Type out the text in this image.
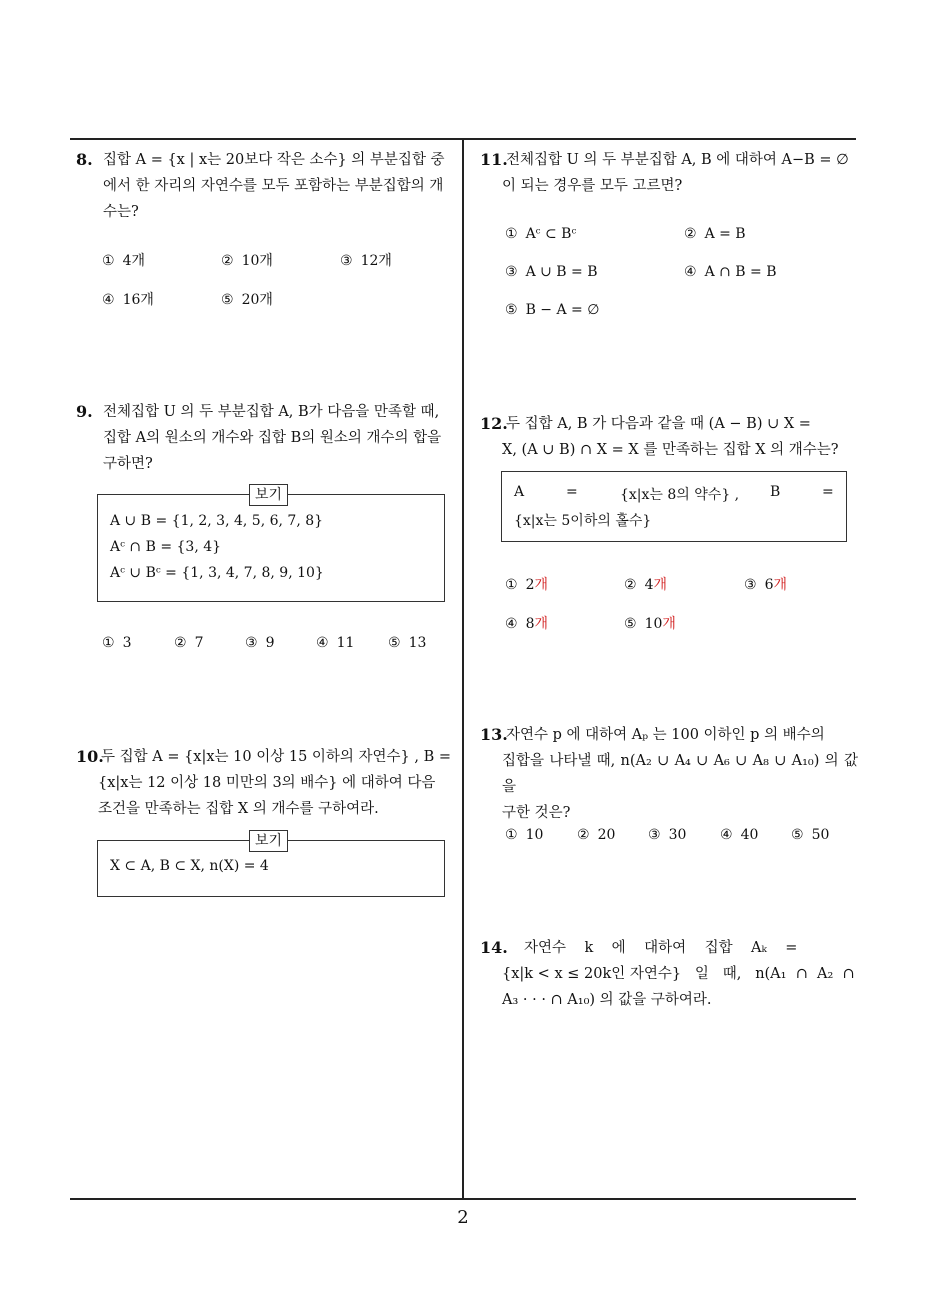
8. 집합 A = {x | x는 20보다 작은 소수} 의 부분집합 중
에서 한 자리의 자연수를 모두 포함하는 부분집합의 개
수는?
① 4개	② 10개	③ 12개
④ 16개	⑤ 20개
9. 전체집합 U 의 두 부분집합 A, B가 다음을 만족할 때,
집합 A의 원소의 개수와 집합 B의 원소의 개수의 합을
구하면?
보기
A ∪ B = {1, 2, 3, 4, 5, 6, 7, 8}
Aᶜ ∩ B = {3, 4}
Aᶜ ∪ Bᶜ = {1, 3, 4, 7, 8, 9, 10}
① 3	② 7	③ 9	④ 11 ⑤ 13
10.
두 집합 A = {x|x는 10 이상 15 이하의 자연수} , B =
{x|x는 12 이상 18 미만의 3의 배수} 에 대하여 다음
조건을 만족하는 집합 X 의 개수를 구하여라.
보기
X ⊂ A, B ⊂ X, n(X) = 4
11.
전체집합 U 의 두 부분집합 A, B 에 대하여 A−B = ∅
이 되는 경우를 모두 고르면?
① Aᶜ ⊂ Bᶜ	② A = B
③ A ∪ B = B	④ A ∩ B = B
⑤ B − A = ∅
12.
두 집합 A, B 가 다음과 같을 때 (A − B) ∪ X =
X, (A ∪ B) ∩ X = X 를 만족하는 집합 X 의 개수는?
A	=	{x|x는 8의 약수} , B	=
{x|x는 5이하의 홀수}
① 2개	② 4개	③ 6개
④ 8개	⑤ 10개
13.
자연수 p 에 대하여 Aₚ 는 100 이하인 p 의 배수의
집합을 나타낼 때, n(A₂ ∪ A₄ ∪ A₆ ∪ A₈ ∪ A₁₀) 의 값을
구한 것은?
① 10 ② 20 ③ 30 ④ 40 ⑤ 50
14.	자연수    k    에    대하여    집합    Aₖ    =
{x|k < x ≤ 20k인 자연수}   일   때,   n(A₁  ∩  A₂  ∩
A₃ · · · ∩ A₁₀) 의 값을 구하여라.
2
